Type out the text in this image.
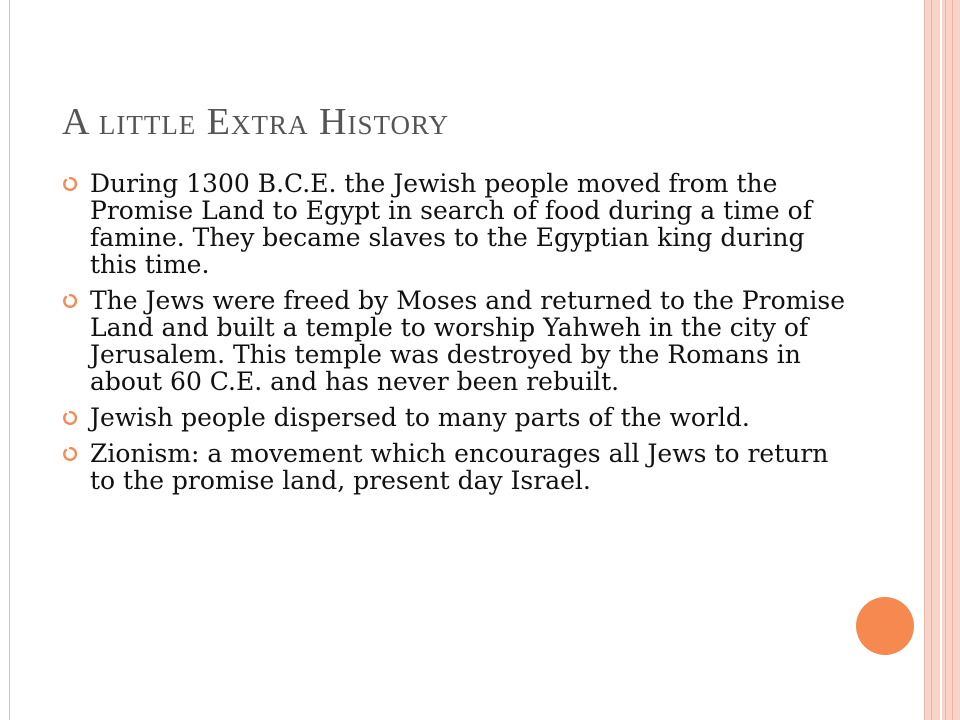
A little Extra History
During 1300 B.C.E. the Jewish people moved from the Promise Land to Egypt in search of food during a time of famine. They became slaves to the Egyptian king during this time.
The Jews were freed by Moses and returned to the Promise Land and built a temple to worship Yahweh in the city of Jerusalem. This temple was destroyed by the Romans in about 60 C.E. and has never been rebuilt.
Jewish people dispersed to many parts of the world.
Zionism: a movement which encourages all Jews to return to the promise land, present day Israel.
